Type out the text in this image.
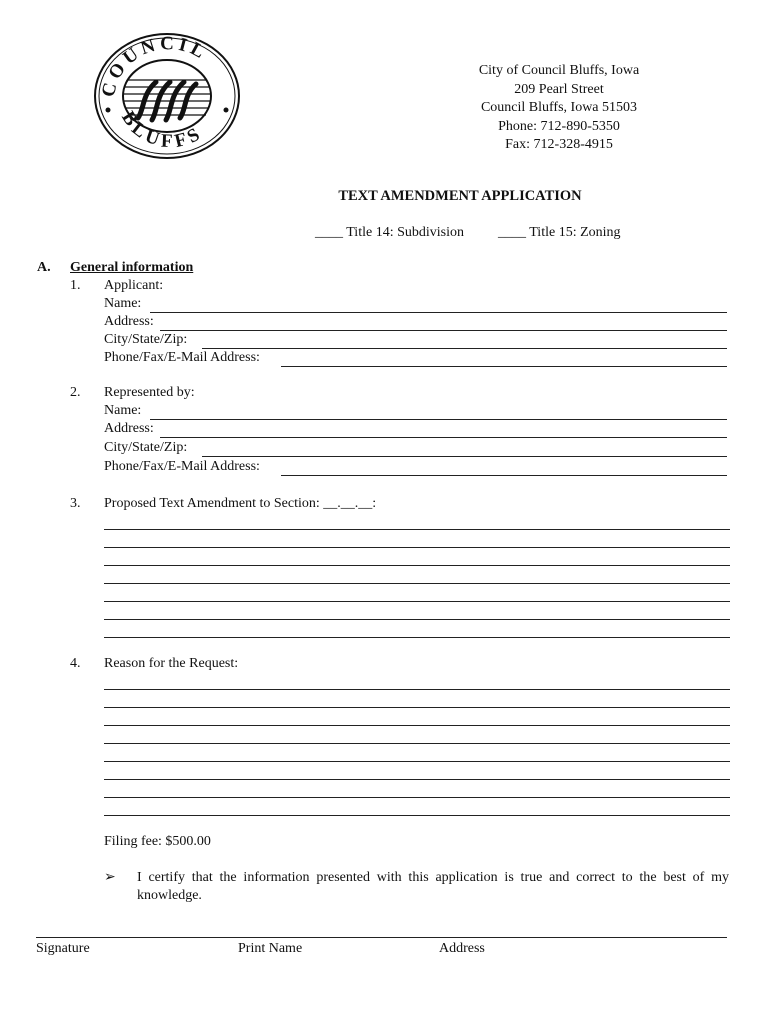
COUNCIL
BLUFFS
City of Council Bluffs, Iowa
209 Pearl Street
Council Bluffs, Iowa 51503
Phone: 712-890-5350
Fax: 712-328-4915
TEXT AMENDMENT APPLICATION
____ Title 14: Subdivision ____ Title 15: Zoning
A. General information
1. Applicant:
Name:
Address:
City/State/Zip:
Phone/Fax/E-Mail Address:
2. Represented by:
Name:
Address:
City/State/Zip:
Phone/Fax/E-Mail Address:
3. Proposed Text Amendment to Section: __.__.__:
4. Reason for the Request:
Filing fee: $500.00
➢ I certify that the information presented with this application is true and correct to the best of my knowledge.
Signature	Print Name	Address
